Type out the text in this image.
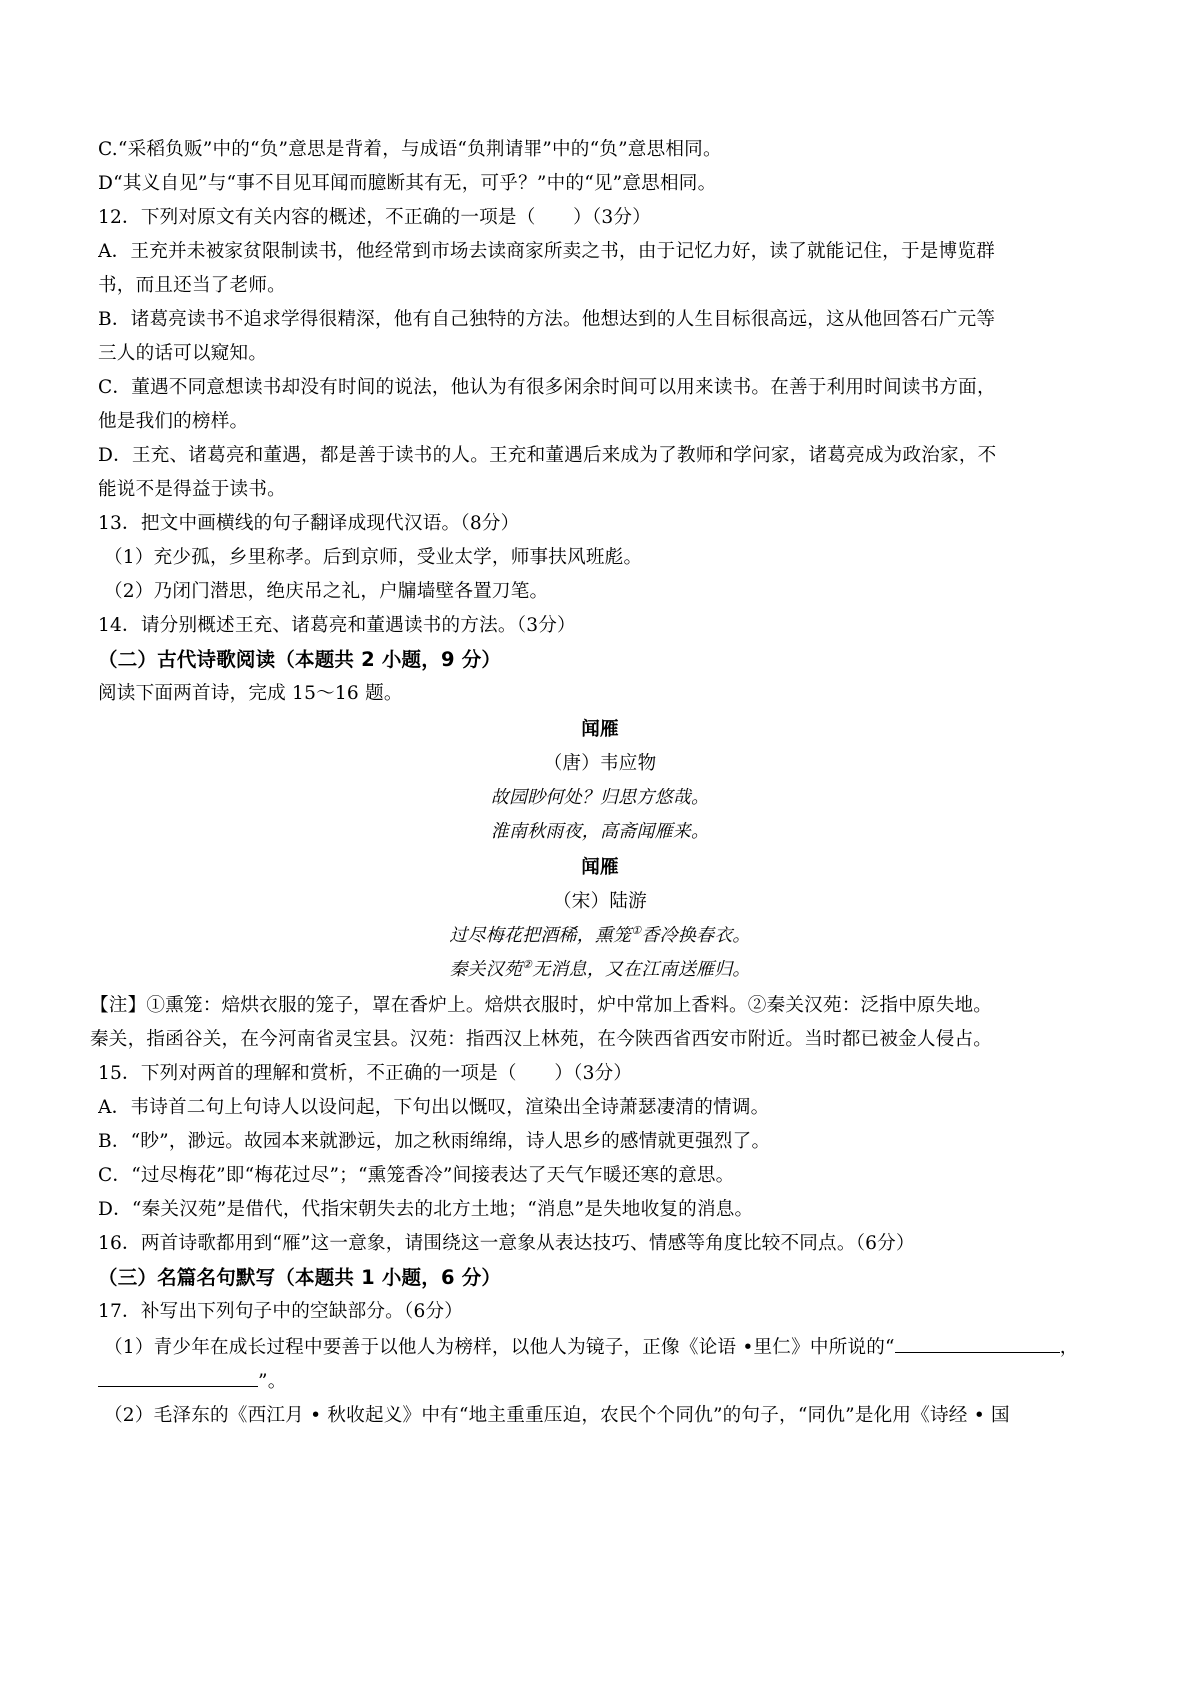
C.“采稻负贩”中的“负”意思是背着，与成语“负荆请罪”中的“负”意思相同。
D“其义自见”与“事不目见耳闻而臆断其有无，可乎？”中的“见”意思相同。
12．下列对原文有关内容的概述，不正确的一项是（　　）（3分）
A．王充并未被家贫限制读书，他经常到市场去读商家所卖之书，由于记忆力好，读了就能记住，于是博览群
书，而且还当了老师。
B．诸葛亮读书不追求学得很精深，他有自己独特的方法。他想达到的人生目标很高远，这从他回答石广元等
三人的话可以窥知。
C．董遇不同意想读书却没有时间的说法，他认为有很多闲余时间可以用来读书。在善于利用时间读书方面，
他是我们的榜样。
D．王充、诸葛亮和董遇，都是善于读书的人。王充和董遇后来成为了教师和学问家，诸葛亮成为政治家，不
能说不是得益于读书。
13．把文中画横线的句子翻译成现代汉语。（8分）
（1）充少孤，乡里称孝。后到京师，受业太学，师事扶风班彪。
（2）乃闭门潜思，绝庆吊之礼，户牖墙壁各置刀笔。
14．请分别概述王充、诸葛亮和董遇读书的方法。（3分）
（二）古代诗歌阅读（本题共 2 小题，9 分）
阅读下面两首诗，完成 15～16 题。
闻雁
（唐）韦应物
故园眇何处？归思方悠哉。
淮南秋雨夜，高斋闻雁来。
闻雁
（宋）陆游
过尽梅花把酒稀，熏笼①香冷换春衣。
秦关汉苑②无消息，又在江南送雁归。
【注】①熏笼：焙烘衣服的笼子，罩在香炉上。焙烘衣服时，炉中常加上香料。②秦关汉苑：泛指中原失地。
秦关，指函谷关，在今河南省灵宝县。汉苑：指西汉上林苑，在今陕西省西安市附近。当时都已被金人侵占。
15．下列对两首的理解和赏析，不正确的一项是（　　）（3分）
A．韦诗首二句上句诗人以设问起，下句出以慨叹，渲染出全诗萧瑟凄清的情调。
B．“眇”，渺远。故园本来就渺远，加之秋雨绵绵，诗人思乡的感情就更强烈了。
C．“过尽梅花”即“梅花过尽”；“熏笼香冷”间接表达了天气乍暖还寒的意思。
D．“秦关汉苑”是借代，代指宋朝失去的北方土地；“消息”是失地收复的消息。
16．两首诗歌都用到“雁”这一意象，请围绕这一意象从表达技巧、情感等角度比较不同点。（6分）
（三）名篇名句默写（本题共 1 小题，6 分）
17．补写出下列句子中的空缺部分。（6分）
（1）青少年在成长过程中要善于以他人为榜样，以他人为镜子，正像《论语 •里仁》中所说的“	，
”。
（2）毛泽东的《西江月 • 秋收起义》中有“地主重重压迫，农民个个同仇”的句子，“同仇”是化用《诗经 • 国
